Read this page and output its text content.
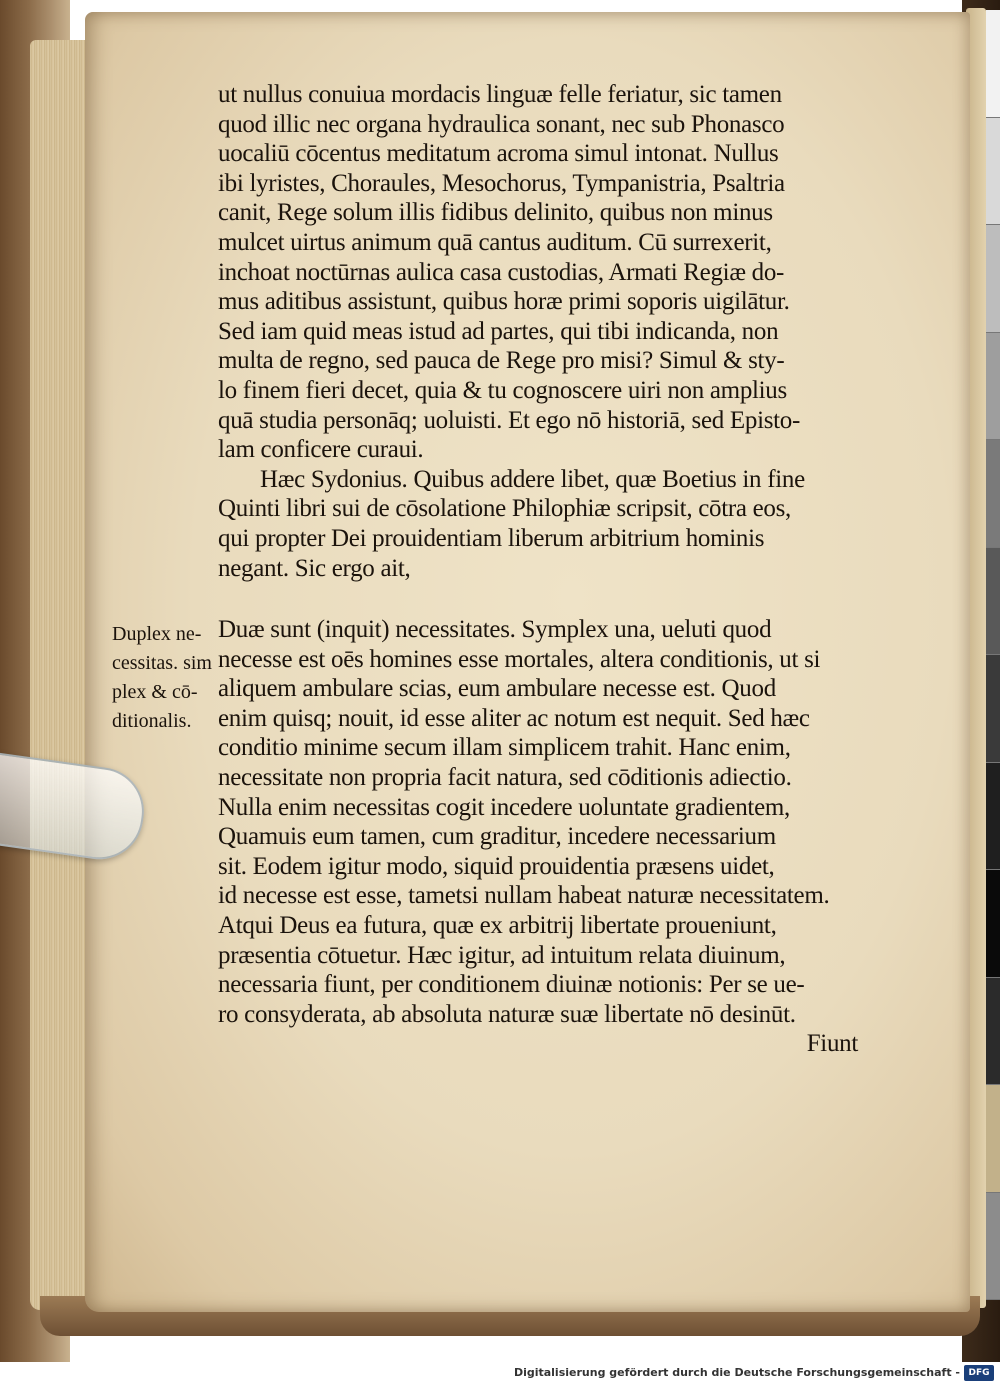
ut nullus conuiua mordacis linguæ felle feriatur, sic tamen
quod illic nec organa hydraulica sonant, nec sub Phonasco
uocaliū cōcentus meditatum acroma simul intonat. Nullus
ibi lyristes, Choraules, Mesochorus, Tympanistria, Psaltria
canit, Rege solum illis fidibus delinito, quibus non minus
mulcet uirtus animum quā cantus auditum. Cū surrexerit,
inchoat noctūrnas aulica casa custodias, Armati Regiæ do-
mus aditibus assistunt, quibus horæ primi soporis uigilātur.
Sed iam quid meas istud ad partes, qui tibi indicanda, non
multa de regno, sed pauca de Rege pro misi? Simul & sty-
lo finem fieri decet, quia & tu cognoscere uiri non amplius
quā studia personāq; uoluisti. Et ego nō historiā, sed Episto-
lam conficere curaui.
Hæc Sydonius. Quibus addere libet, quæ Boetius in fine
Quinti libri sui de cōsolatione Philophiæ scripsit, cōtra eos,
qui propter Dei prouidentiam liberum arbitrium hominis
negant. Sic ergo ait,
Duæ sunt (inquit) necessitates. Symplex una, ueluti quod
necesse est oēs homines esse mortales, altera conditionis, ut si
aliquem ambulare scias, eum ambulare necesse est. Quod
enim quisq; nouit, id esse aliter ac notum est nequit. Sed hæc
conditio minime secum illam simplicem trahit. Hanc enim,
necessitate non propria facit natura, sed cōditionis adiectio.
Nulla enim necessitas cogit incedere uoluntate gradientem,
Quamuis eum tamen, cum graditur, incedere necessarium
sit. Eodem igitur modo, siquid prouidentia præsens uidet,
id necesse est esse, tametsi nullam habeat naturæ necessitatem.
Atqui Deus ea futura, quæ ex arbitrij libertate proueniunt,
præsentia cōtuetur. Hæc igitur, ad intuitum relata diuinum,
necessaria fiunt, per conditionem diuinæ notionis: Per se ue-
ro consyderata, ab absoluta naturæ suæ libertate nō desinūt.
Fiunt
Duplex ne-
cessitas. sim
plex & cō-
ditionalis.
Digitalisierung gefördert durch die Deutsche Forschungsgemeinschaft - DFG
